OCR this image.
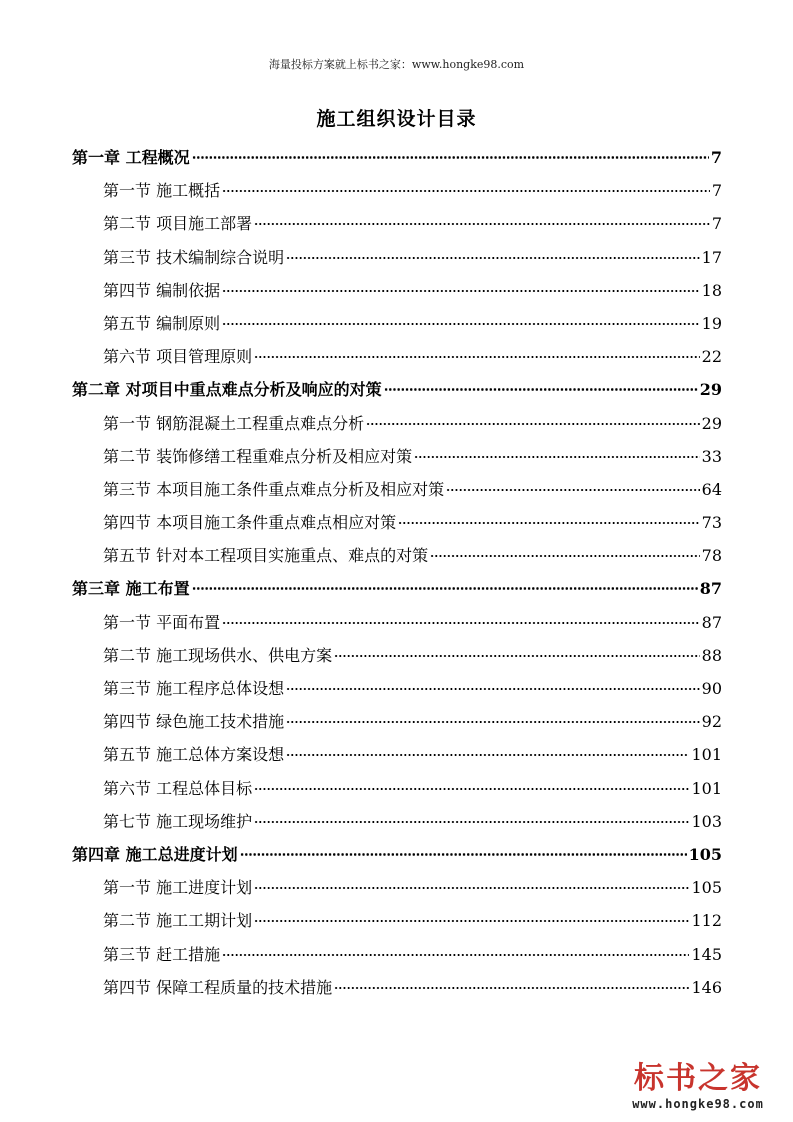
海量投标方案就上标书之家：www.hongke98.com
施工组织设计目录
第一章 工程概况	7
第一节 施工概括	7
第二节 项目施工部署	7
第三节 技术编制综合说明	17
第四节 编制依据	18
第五节 编制原则	19
第六节 项目管理原则	22
第二章 对项目中重点难点分析及响应的对策	29
第一节 钢筋混凝土工程重点难点分析	29
第二节 装饰修缮工程重难点分析及相应对策	33
第三节 本项目施工条件重点难点分析及相应对策	64
第四节 本项目施工条件重点难点相应对策	73
第五节 针对本工程项目实施重点、难点的对策	78
第三章 施工布置	87
第一节 平面布置	87
第二节 施工现场供水、供电方案	88
第三节 施工程序总体设想	90
第四节 绿色施工技术措施	92
第五节 施工总体方案设想	101
第六节 工程总体目标	101
第七节 施工现场维护	103
第四章 施工总进度计划	105
第一节 施工进度计划	105
第二节 施工工期计划	112
第三节 赶工措施	145
第四节 保障工程质量的技术措施	146
标书之家
www.hongke98.com
